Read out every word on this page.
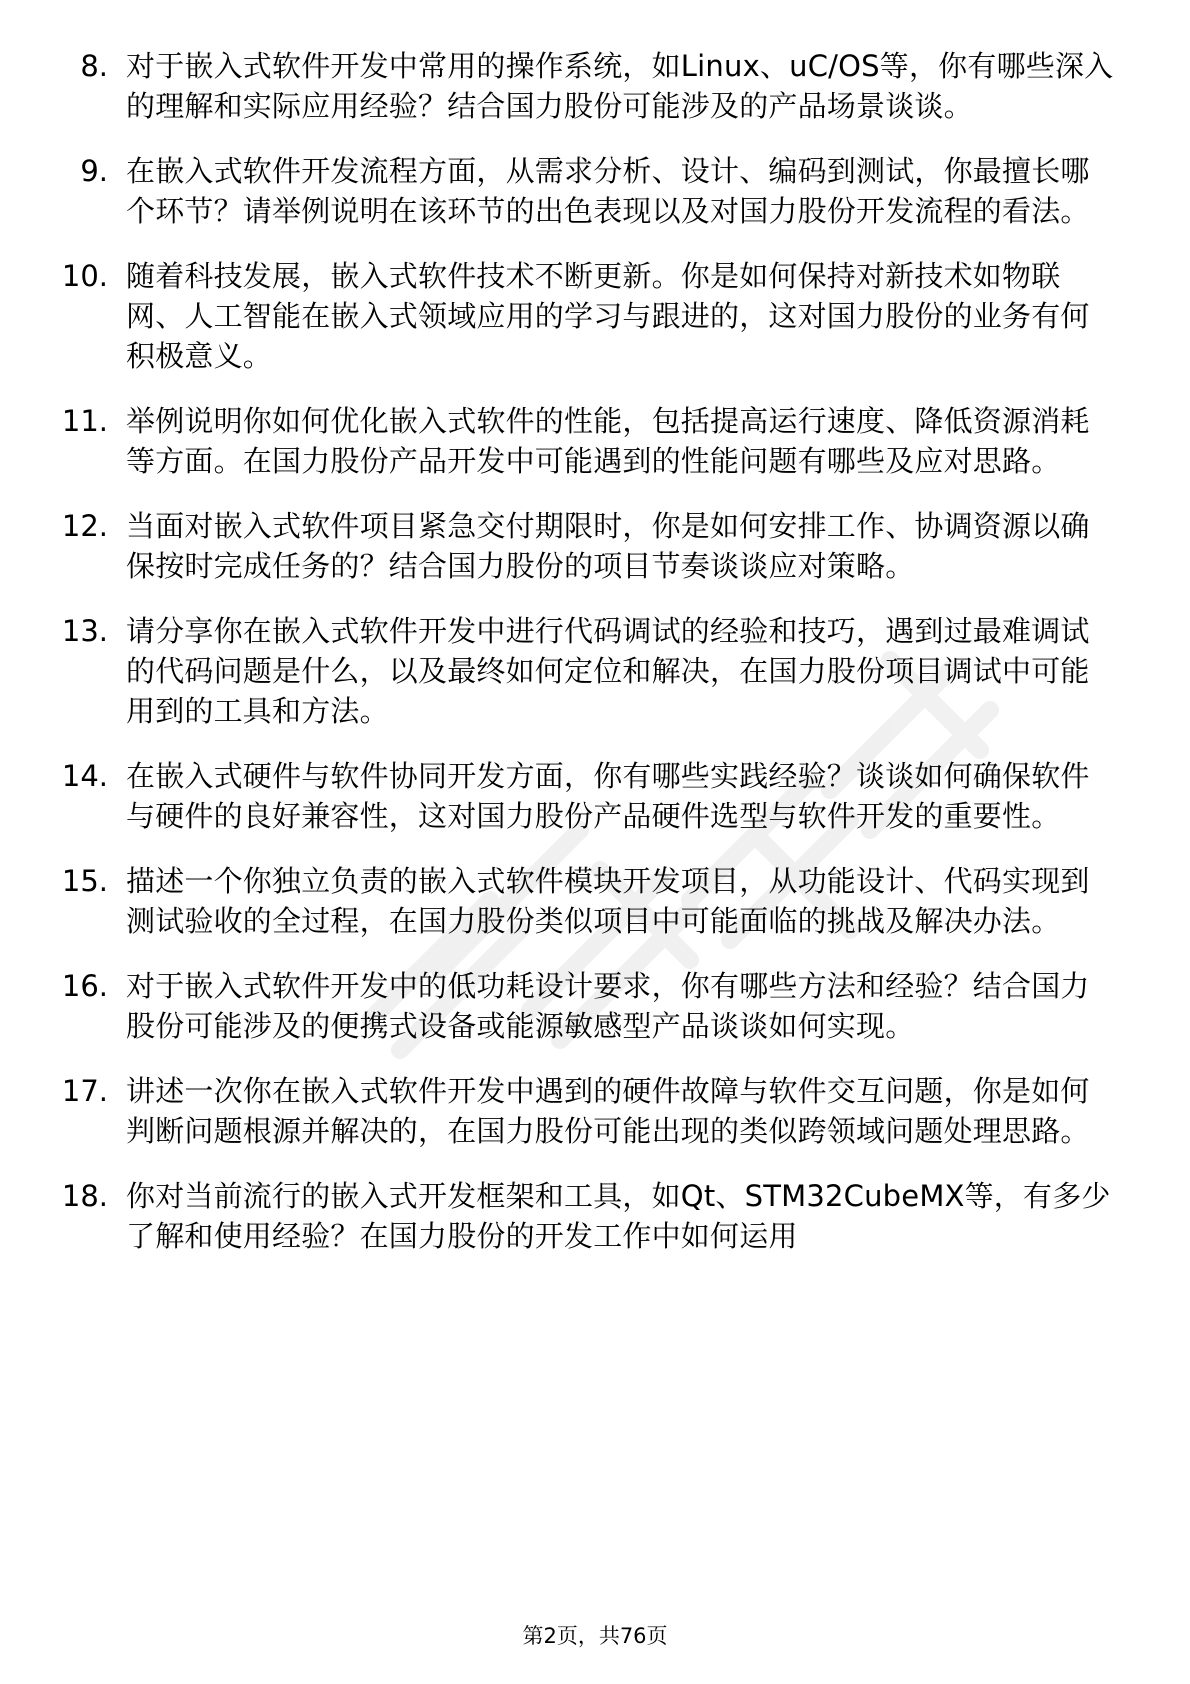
8. 对于嵌入式软件开发中常用的操作系统，如Linux、uC/OS等，你有哪些深入的理解和实际应用经验？结合国力股份可能涉及的产品场景谈谈。
9. 在嵌入式软件开发流程方面，从需求分析、设计、编码到测试，你最擅长哪个环节？请举例说明在该环节的出色表现以及对国力股份开发流程的看法。
10. 随着科技发展，嵌入式软件技术不断更新。你是如何保持对新技术如物联网、人工智能在嵌入式领域应用的学习与跟进的，这对国力股份的业务有何积极意义。
11. 举例说明你如何优化嵌入式软件的性能，包括提高运行速度、降低资源消耗等方面。在国力股份产品开发中可能遇到的性能问题有哪些及应对思路。
12. 当面对嵌入式软件项目紧急交付期限时，你是如何安排工作、协调资源以确保按时完成任务的？结合国力股份的项目节奏谈谈应对策略。
13. 请分享你在嵌入式软件开发中进行代码调试的经验和技巧，遇到过最难调试的代码问题是什么，以及最终如何定位和解决，在国力股份项目调试中可能用到的工具和方法。
14. 在嵌入式硬件与软件协同开发方面，你有哪些实践经验？谈谈如何确保软件与硬件的良好兼容性，这对国力股份产品硬件选型与软件开发的重要性。
15. 描述一个你独立负责的嵌入式软件模块开发项目，从功能设计、代码实现到测试验收的全过程，在国力股份类似项目中可能面临的挑战及解决办法。
16. 对于嵌入式软件开发中的低功耗设计要求，你有哪些方法和经验？结合国力股份可能涉及的便携式设备或能源敏感型产品谈谈如何实现。
17. 讲述一次你在嵌入式软件开发中遇到的硬件故障与软件交互问题，你是如何判断问题根源并解决的，在国力股份可能出现的类似跨领域问题处理思路。
18. 你对当前流行的嵌入式开发框架和工具，如Qt、STM32CubeMX等，有多少了解和使用经验？在国力股份的开发工作中如何运用
第2页，共76页
